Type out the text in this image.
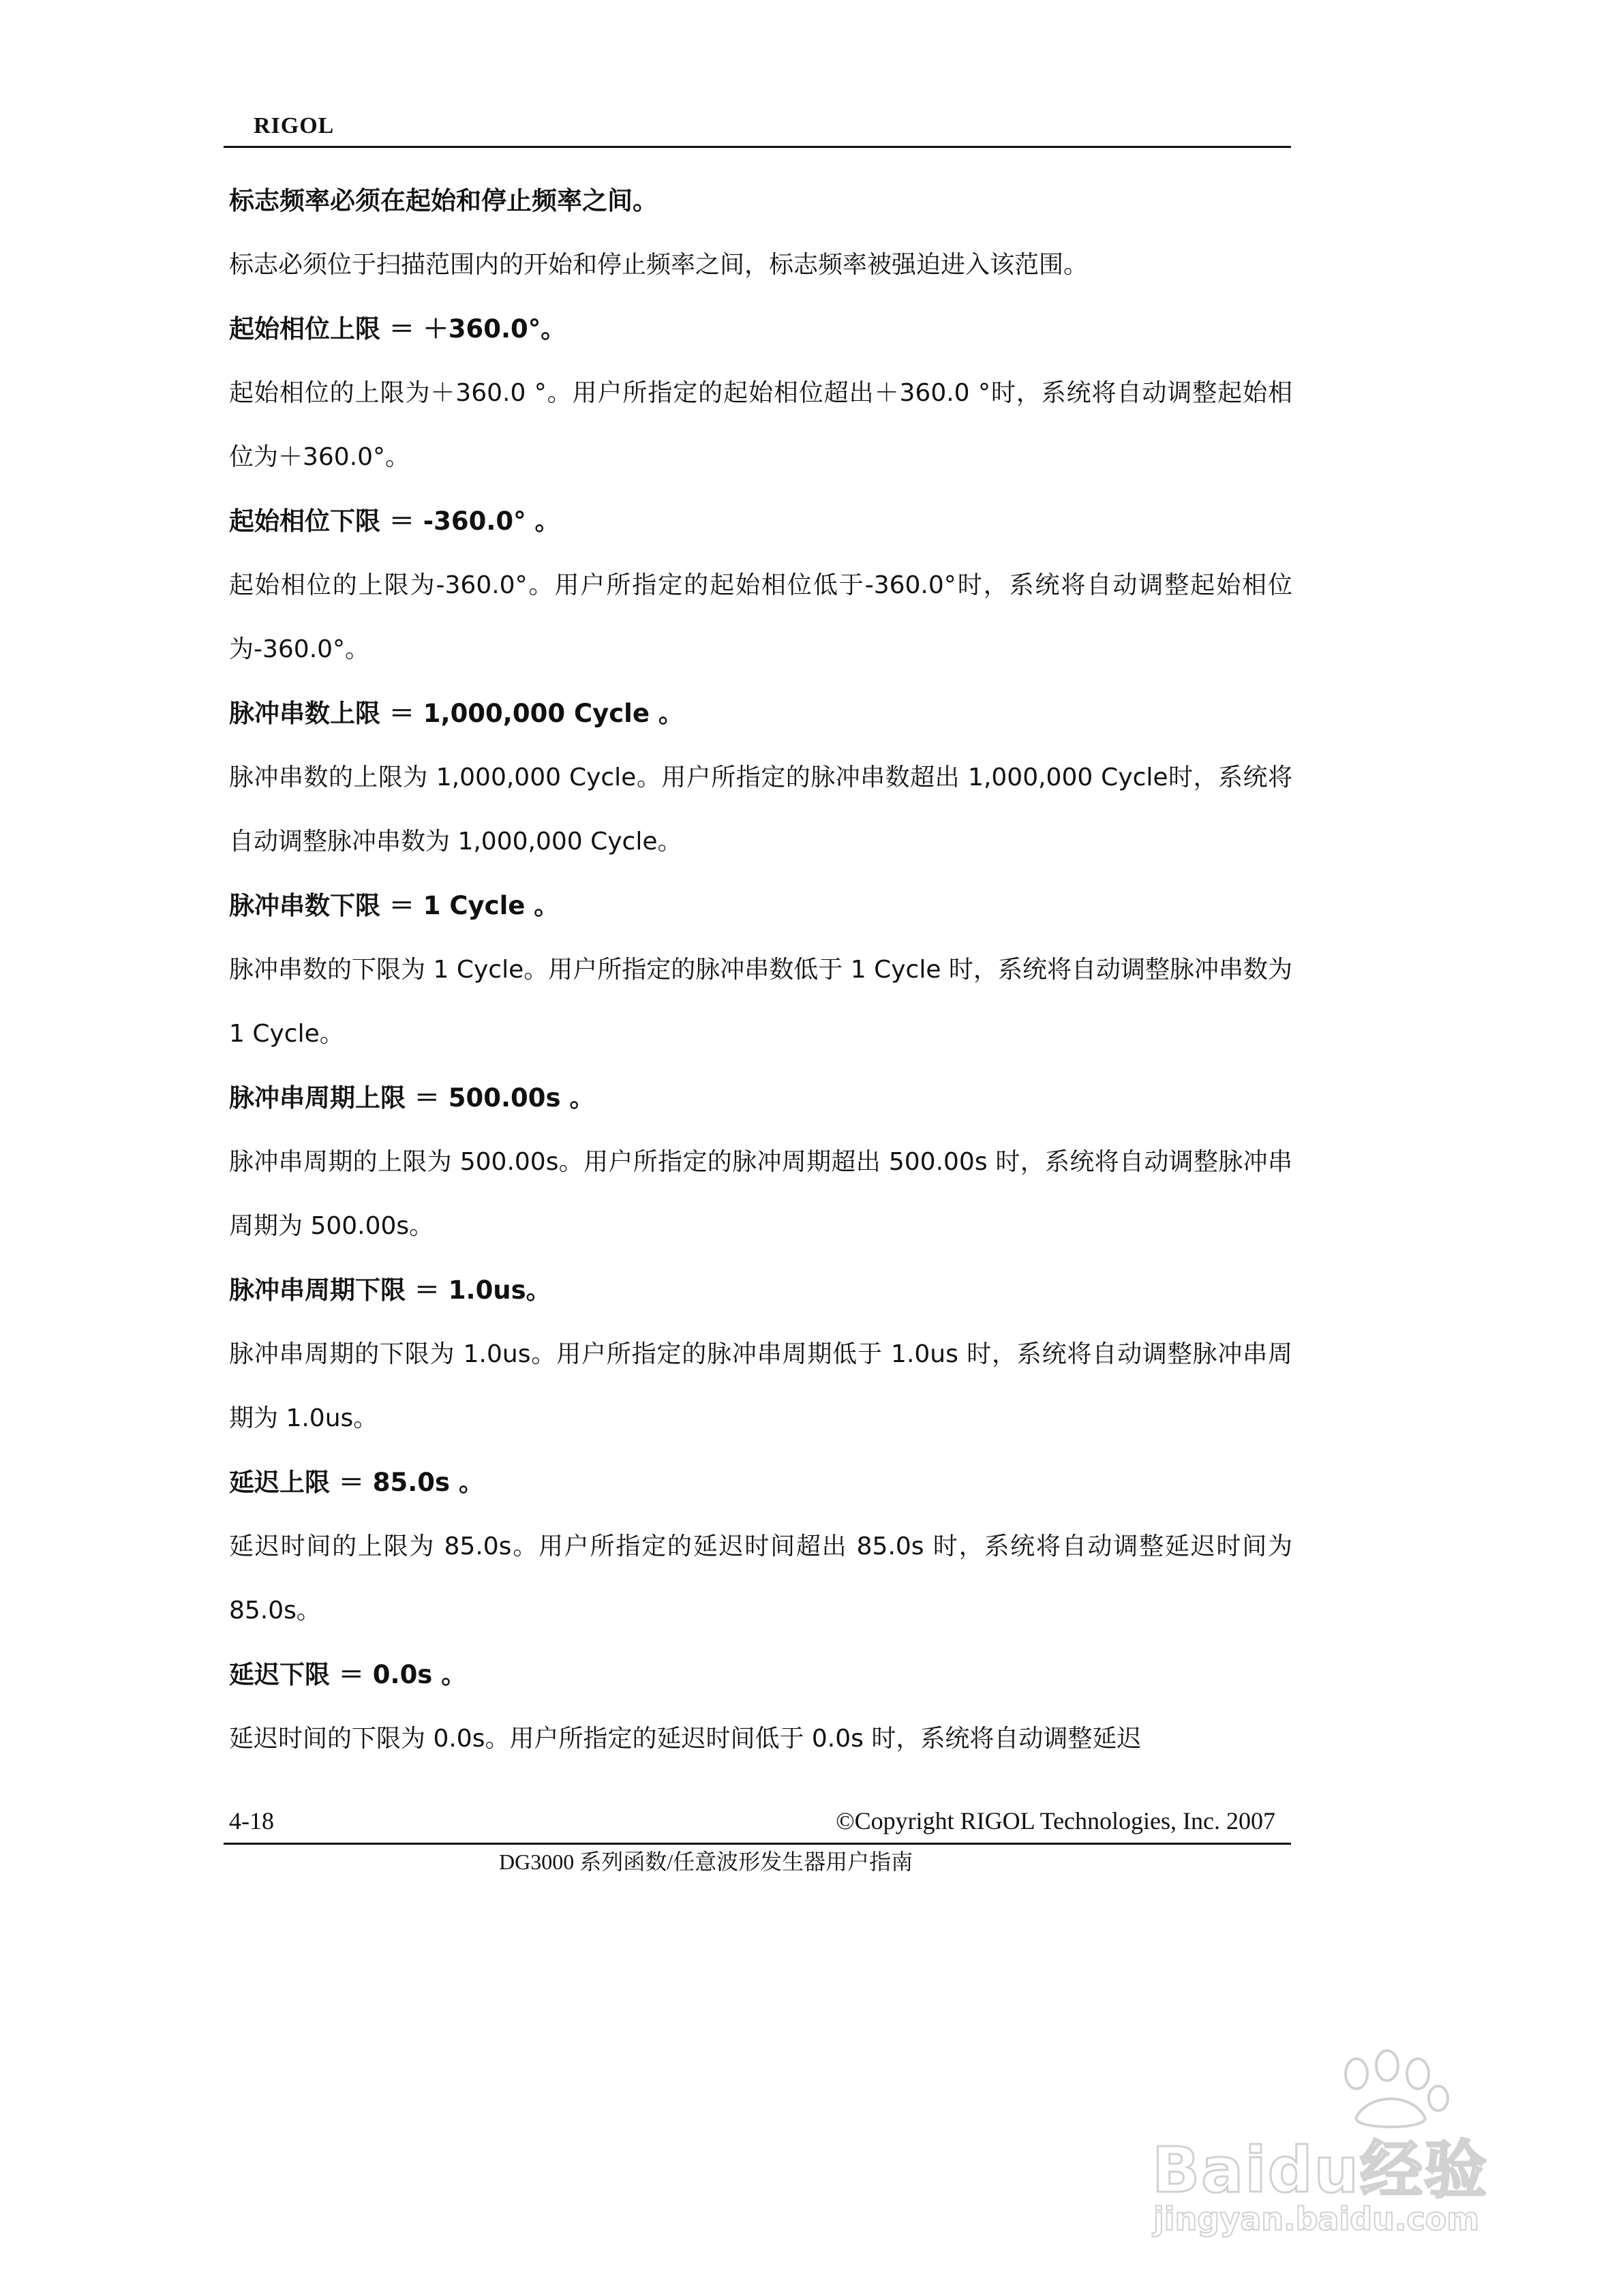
RIGOL

标志频率必须在起始和停止频率之间。

标志必须位于扫描范围内的开始和停止频率之间，标志频率被强迫进入该范围。

起始相位上限 ＝ ＋360.0°。

起始相位的上限为＋360.0 °。用户所指定的起始相位超出＋360.0 °时，系统将自动调整起始相位为＋360.0°。

起始相位下限 ＝ -360.0° 。

起始相位的上限为-360.0°。用户所指定的起始相位低于-360.0°时，系统将自动调整起始相位为-360.0°。

脉冲串数上限 ＝ 1,000,000 Cycle 。

脉冲串数的上限为 1,000,000 Cycle。用户所指定的脉冲串数超出 1,000,000 Cycle时，系统将自动调整脉冲串数为 1,000,000 Cycle。

脉冲串数下限 ＝ 1 Cycle 。

脉冲串数的下限为 1 Cycle。用户所指定的脉冲串数低于 1 Cycle 时，系统将自动调整脉冲串数为 1 Cycle。

脉冲串周期上限 ＝ 500.00s 。

脉冲串周期的上限为 500.00s。用户所指定的脉冲周期超出 500.00s 时，系统将自动调整脉冲串周期为 500.00s。

脉冲串周期下限 ＝ 1.0us。

脉冲串周期的下限为 1.0us。用户所指定的脉冲串周期低于 1.0us 时，系统将自动调整脉冲串周期为 1.0us。

延迟上限 ＝ 85.0s 。

延迟时间的上限为 85.0s。用户所指定的延迟时间超出 85.0s 时，系统将自动调整延迟时间为 85.0s。

延迟下限 ＝ 0.0s 。

延迟时间的下限为 0.0s。用户所指定的延迟时间低于 0.0s 时，系统将自动调整延迟

4-18	©Copyright RIGOL Technologies, Inc. 2007
DG3000 系列函数/任意波形发生器用户指南
Baidu经验
jingyan.baidu.com
